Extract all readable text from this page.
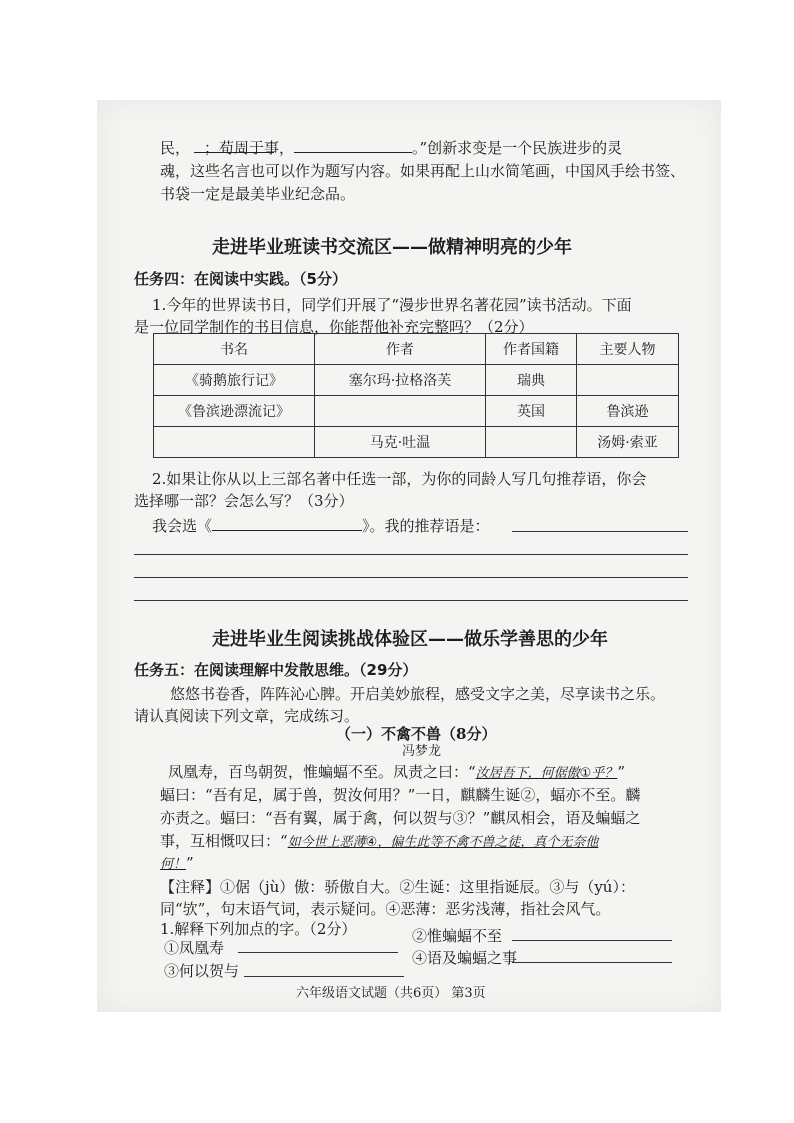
；苟周于事，	。”创新求变是一个民族进步的灵
民，
魂，这些名言也可以作为题写内容。如果再配上山水简笔画，中国风手绘书签、
书袋一定是最美毕业纪念品。
走进毕业班读书交流区——做精神明亮的少年
任务四：在阅读中实践。（5分）
1.今年的世界读书日，同学们开展了“漫步世界名著花园”读书活动。下面
是一位同学制作的书目信息，你能帮他补充完整吗？（2分）
书名	作者	作者国籍	主要人物
《骑鹅旅行记》	塞尔玛·拉格洛芙	瑞典	
《鲁滨逊漂流记》		英国	鲁滨逊
	马克·吐温		汤姆·索亚
2.如果让你从以上三部名著中任选一部，为你的同龄人写几句推荐语，你会
选择哪一部？会怎么写？（3分）
我会选《	》。我的推荐语是：
走进毕业生阅读挑战体验区——做乐学善思的少年
任务五：在阅读理解中发散思维。（29分）
悠悠书卷香，阵阵沁心脾。开启美妙旅程，感受文字之美，尽享读书之乐。
请认真阅读下列文章，完成练习。
（一）不禽不兽（8分）
冯梦龙
凤凰寿，百鸟朝贺，惟蝙蝠不至。凤责之曰：“汝居吾下，何倨傲①乎？”
蝠曰：“吾有足，属于兽，贺汝何用？”一日，麒麟生诞②，蝠亦不至。麟
亦责之。蝠曰：“吾有翼，属于禽，何以贺与③？”麒凤相会，语及蝙蝠之
事，互相慨叹曰：“如今世上恶薄④，偏生此等不禽不兽之徒，真个无奈他
何！”
【注释】①倨（jù）傲：骄傲自大。②生诞：这里指诞辰。③与（yú）：
同“欤”，句末语气词，表示疑问。④恶薄：恶劣浅薄，指社会风气。
1.解释下列加点的字。（2分）
①凤凰寿
②惟蝙蝠不至
④语及蝙蝠之事
③何以贺与
六年级语文试题（共6页） 第3页
